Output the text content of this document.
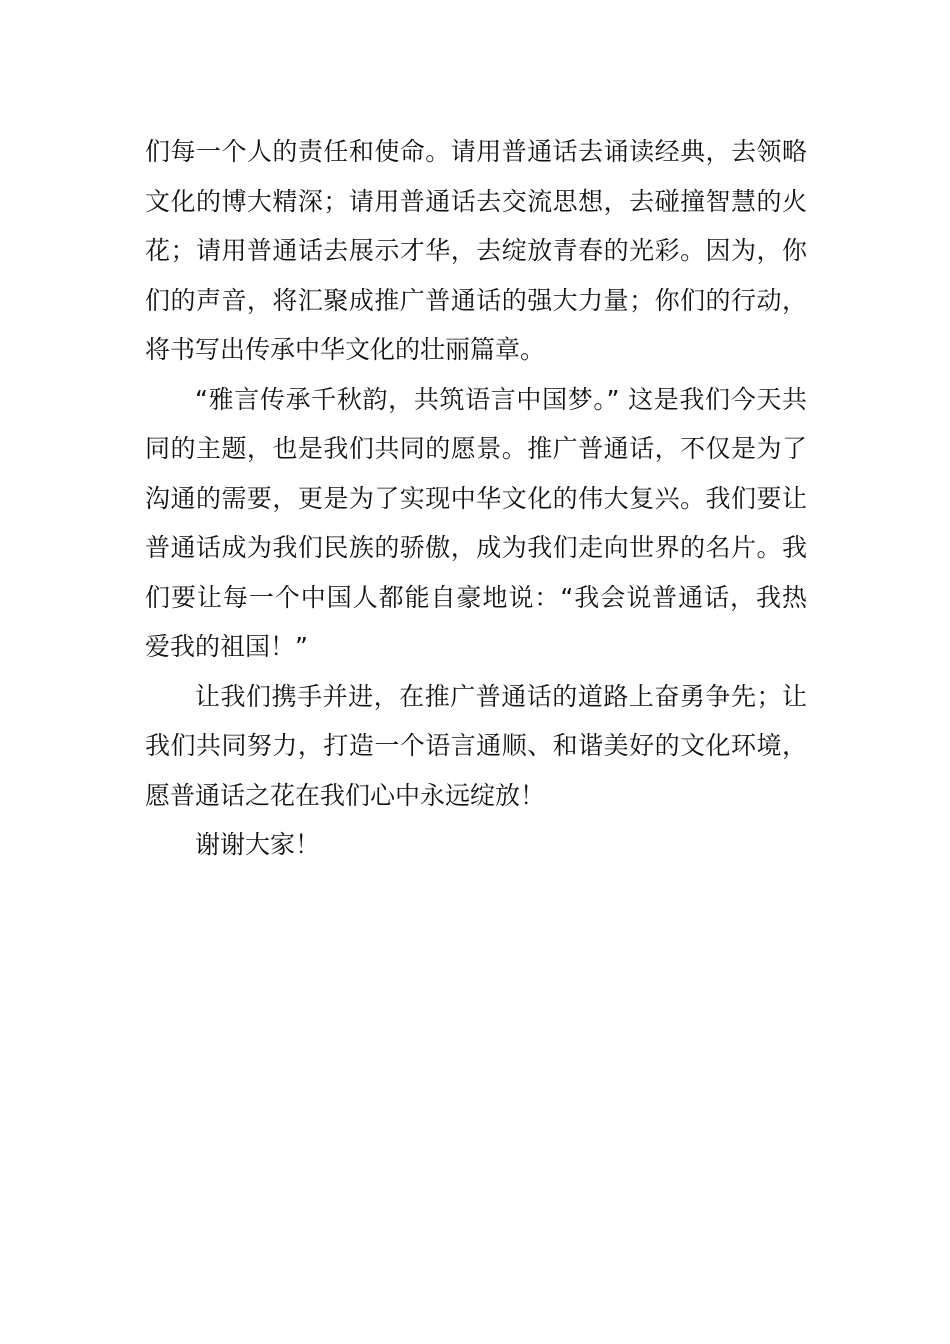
们每一个人的责任和使命。请用普通话去诵读经典，去领略文化的博大精深；请用普通话去交流思想，去碰撞智慧的火花；请用普通话去展示才华，去绽放青春的光彩。因为，你们的声音，将汇聚成推广普通话的强大力量；你们的行动，将书写出传承中华文化的壮丽篇章。

“雅言传承千秋韵，共筑语言中国梦。” 这是我们今天共同的主题，也是我们共同的愿景。推广普通话，不仅是为了沟通的需要，更是为了实现中华文化的伟大复兴。我们要让普通话成为我们民族的骄傲，成为我们走向世界的名片。我们要让每一个中国人都能自豪地说：“我会说普通话，我热爱我的祖国！”

让我们携手并进，在推广普通话的道路上奋勇争先；让我们共同努力，打造一个语言通顺、和谐美好的文化环境， 愿普通话之花在我们心中永远绽放！

谢谢大家！
